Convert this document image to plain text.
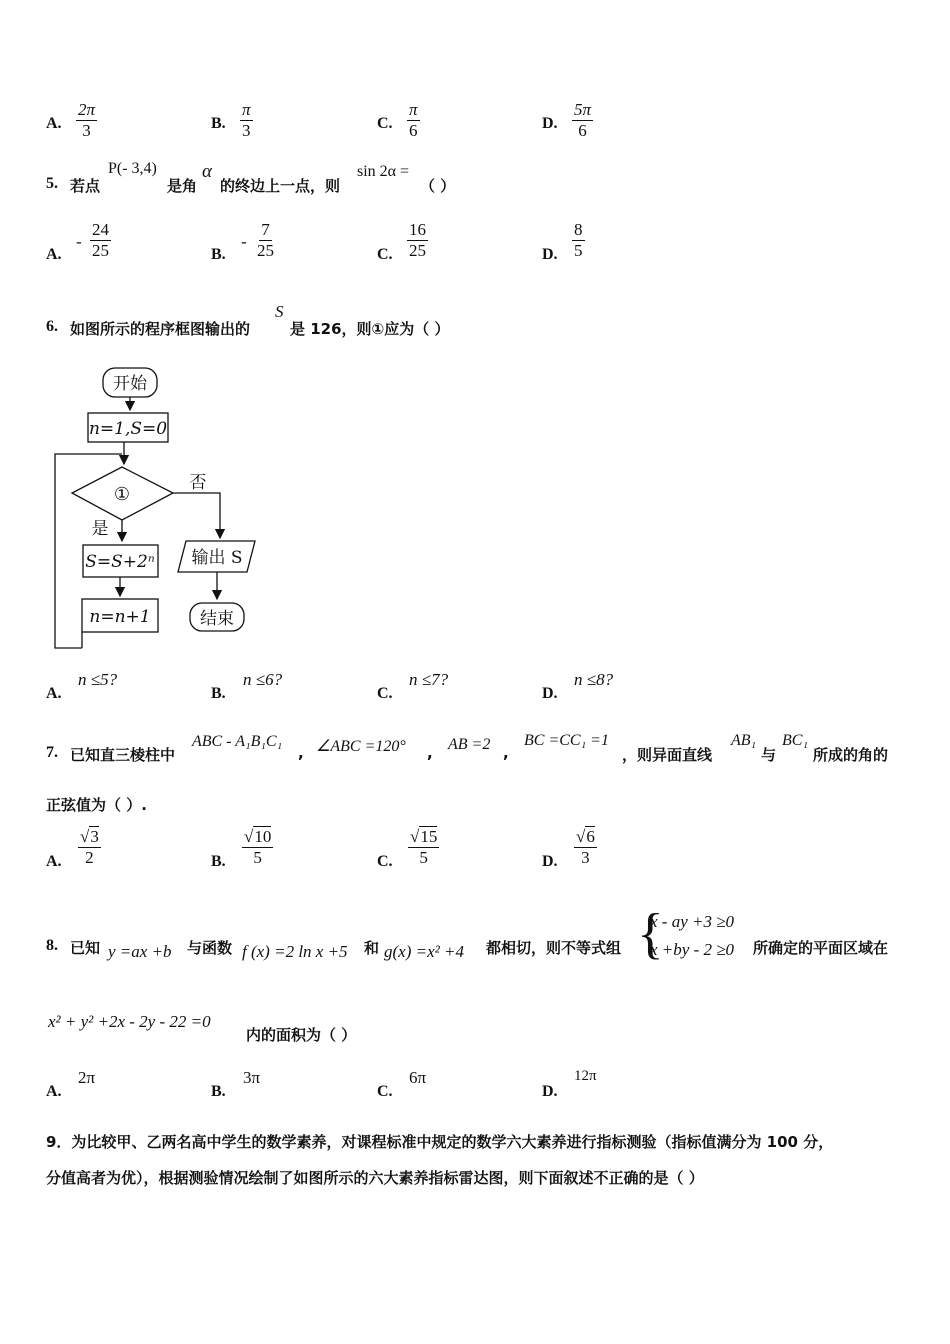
A. $\frac{2\pi}{3}$	B. $\frac{\pi}{3}$	C. $\frac{\pi}{6}$	D. $\frac{5\pi}{6}$
5. 若点
P(- 3,4)
是角
α
的终边上一点，则
sin 2α =
（ ）
A.
- $\frac{24}{25}$	B.
- $\frac{7}{25}$	C. $\frac{16}{25}$	D. $\frac{8}{5}$
6. 如图所示的程序框图输出的
S
是 126，则①应为（ ）
开始
n=1,S=0
①
否
是
S=S+2ⁿ
n=n+1
输出 S
结束
A.
n ≤5?
B.
n ≤6?
C.
n ≤7?
D.
n ≤8?
7. 已知直三棱柱中
ABC - A₁B₁C₁
, ∠ABC =120° , AB =2 ,
BC =CC₁ =1
，则异面直线
AB₁
与
BC₁
所成的角的
正弦值为（ ）.
A. $\frac{√3}{2}$	B. $\frac{√10}{5}$	C. $\frac{√15}{5}$	D. $\frac{√6}{3}$
8. 已知 y =ax +b 与函数 f (x) =2 ln x +5 和 g(x) =x² +4 都相切，则不等式组 {
x - ay +3 ≥0
x +by - 2 ≥0 所确定的平面区域在
x² + y² +2x - 2y - 22 =0
内的面积为（ ）
A.
2π
B.
3π
C.
6π
D.
12π
9．为比较甲、乙两名高中学生的数学素养，对课程标准中规定的数学六大素养进行指标测验（指标值满分为 100 分，
分值高者为优），根据测验情况绘制了如图所示的六大素养指标雷达图，则下面叙述不正确的是（ ）
